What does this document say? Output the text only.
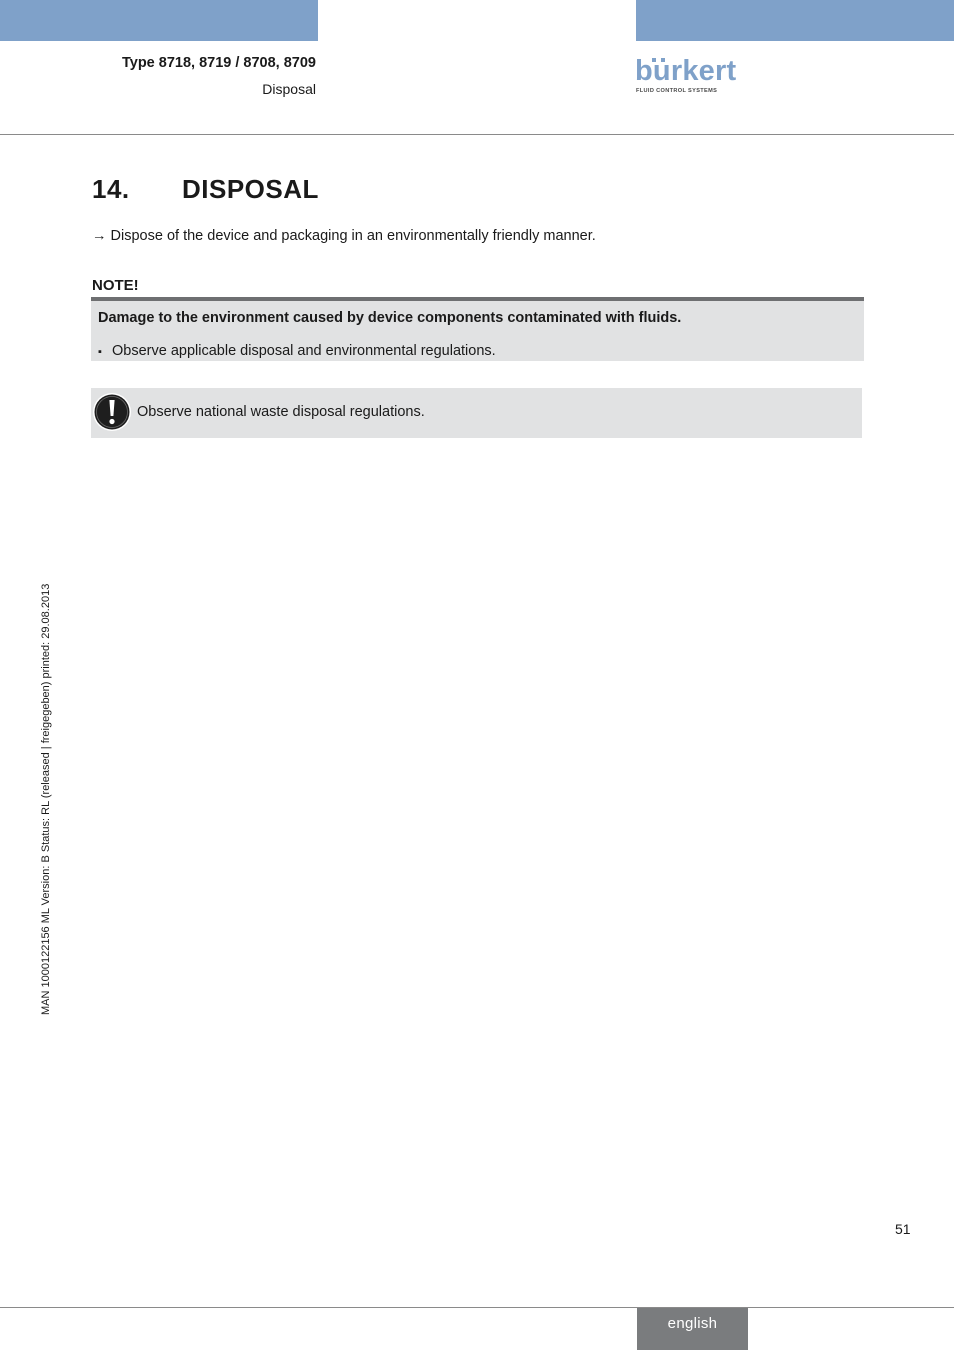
Type 8718, 8719 / 8708, 8709
Disposal
burkert
FLUID CONTROL SYSTEMS
14. DISPOSAL
→ Dispose of the device and packaging in an environmentally friendly manner.
NOTE!
Damage to the environment caused by device components contaminated with fluids.
▪ Observe applicable disposal and environmental regulations.
Observe national waste disposal regulations.
MAN 1000122156 ML Version: B Status: RL (released | freigegeben) printed: 29.08.2013
51
english
